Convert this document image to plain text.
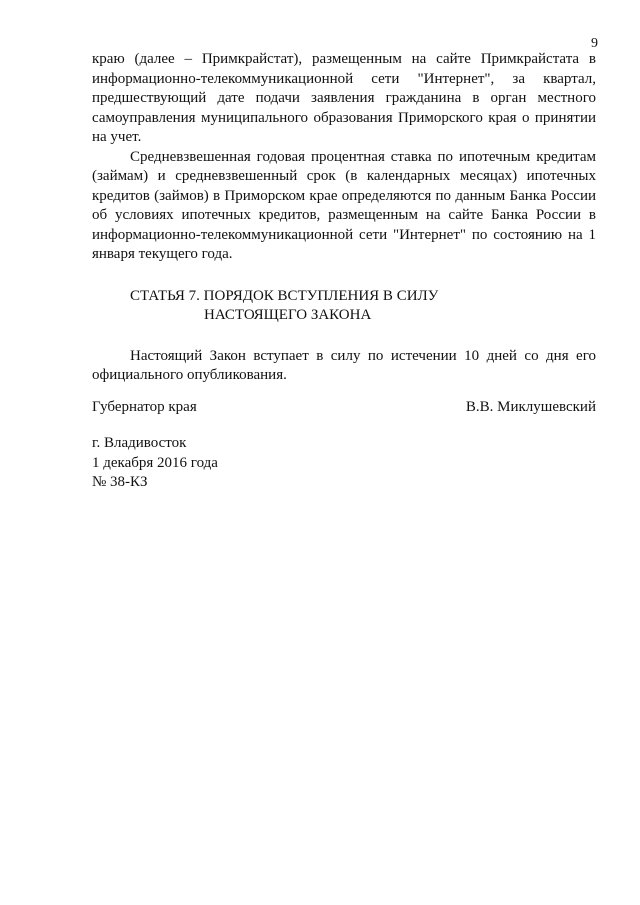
9

краю (далее – Примкрайстат), размещенным на сайте Примкрайстата в информационно-телекоммуникационной сети "Интернет", за квартал, предшествующий дате подачи заявления гражданина в орган местного самоуправления муниципального образования Приморского края о принятии на учет.

Средневзвешенная годовая процентная ставка по ипотечным кредитам (займам) и средневзвешенный срок (в календарных месяцах) ипотечных кредитов (займов) в Приморском крае определяются по данным Банка России об условиях ипотечных кредитов, размещенным на сайте Банка России в информационно-телекоммуникационной сети "Интернет" по состоянию на 1 января текущего года.

СТАТЬЯ 7. ПОРЯДОК ВСТУПЛЕНИЯ В СИЛУ
НАСТОЯЩЕГО ЗАКОНА

Настоящий Закон вступает в силу по истечении 10 дней со дня его официального опубликования.

Губернатор края	В.В. Миклушевский
г. Владивосток
1 декабря 2016 года
№ 38-КЗ
